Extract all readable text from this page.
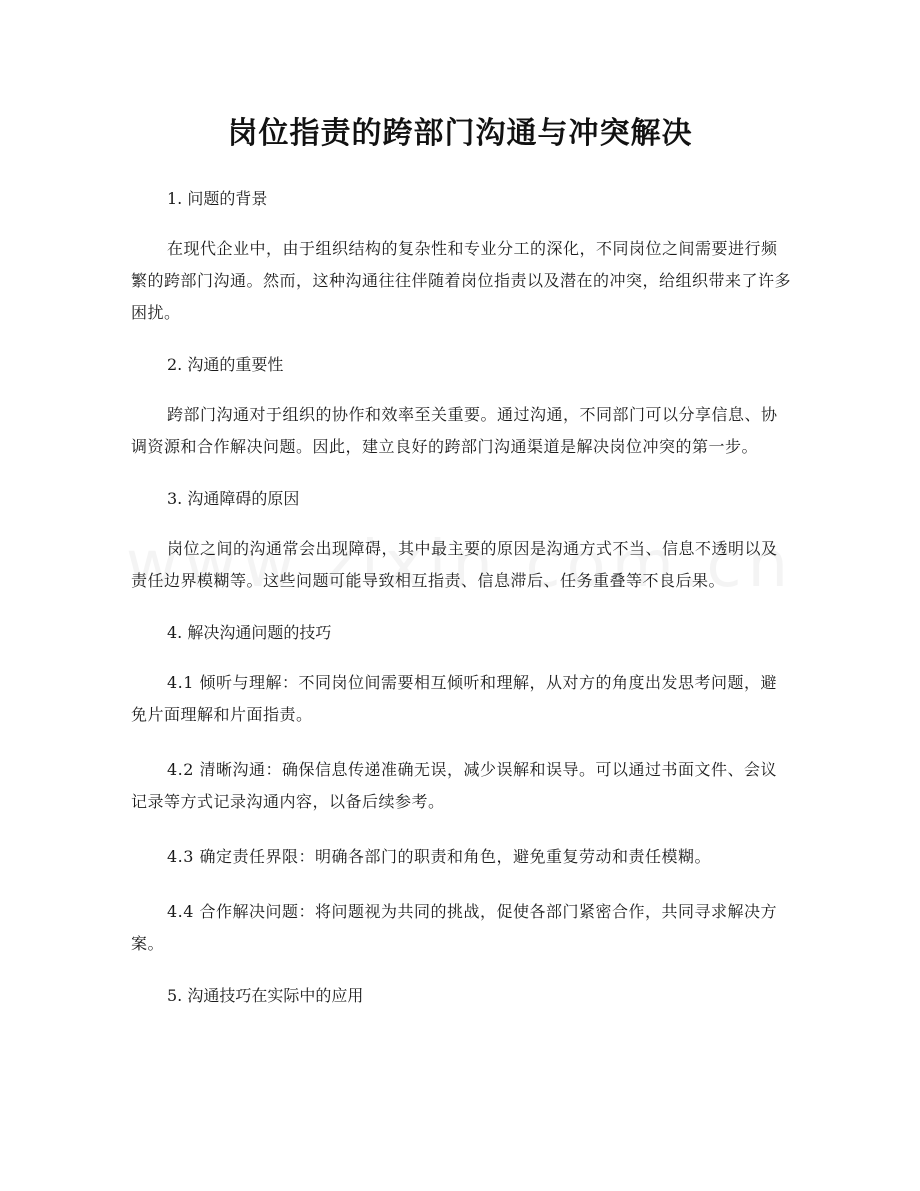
岗位指责的跨部门沟通与冲突解决

1. 问题的背景

在现代企业中，由于组织结构的复杂性和专业分工的深化，不同岗位之间需要进行频繁的跨部门沟通。然而，这种沟通往往伴随着岗位指责以及潜在的冲突，给组织带来了许多困扰。

2. 沟通的重要性

跨部门沟通对于组织的协作和效率至关重要。通过沟通，不同部门可以分享信息、协调资源和合作解决问题。因此，建立良好的跨部门沟通渠道是解决岗位冲突的第一步。

3. 沟通障碍的原因

岗位之间的沟通常会出现障碍，其中最主要的原因是沟通方式不当、信息不透明以及责任边界模糊等。这些问题可能导致相互指责、信息滞后、任务重叠等不良后果。

4. 解决沟通问题的技巧

4.1 倾听与理解：不同岗位间需要相互倾听和理解，从对方的角度出发思考问题，避免片面理解和片面指责。

4.2 清晰沟通：确保信息传递准确无误，减少误解和误导。可以通过书面文件、会议记录等方式记录沟通内容，以备后续参考。

4.3 确定责任界限：明确各部门的职责和角色，避免重复劳动和责任模糊。

4.4 合作解决问题：将问题视为共同的挑战，促使各部门紧密合作，共同寻求解决方案。

5. 沟通技巧在实际中的应用
